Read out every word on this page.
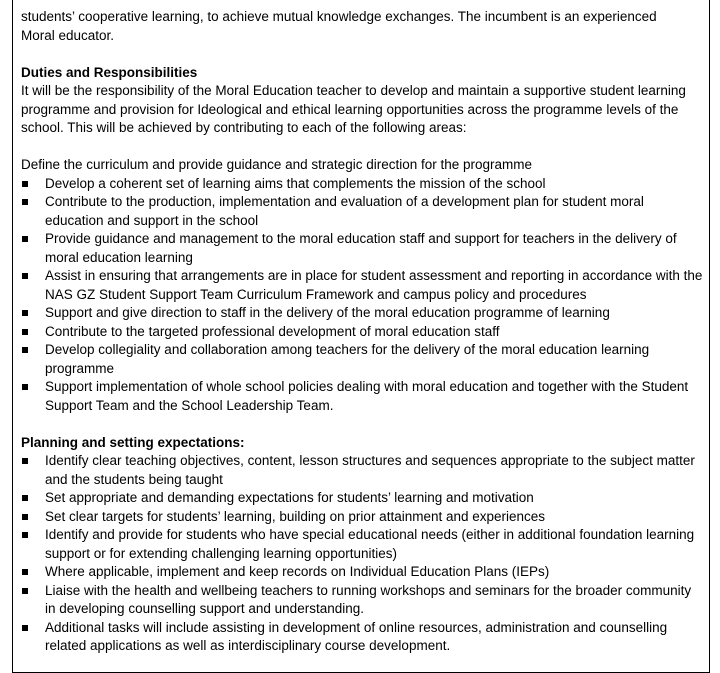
students’ cooperative learning, to achieve mutual knowledge exchanges. The incumbent is an experienced

Moral educator.

Duties and Responsibilities

It will be the responsibility of the Moral Education teacher to develop and maintain a supportive student learning programme and provision for Ideological and ethical learning opportunities across the programme levels of the school. This will be achieved by contributing to each of the following areas:

Define the curriculum and provide guidance and strategic direction for the programme

Develop a coherent set of learning aims that complements the mission of the school
Contribute to the production, implementation and evaluation of a development plan for student moral education and support in the school
Provide guidance and management to the moral education staff and support for teachers in the delivery of moral education learning
Assist in ensuring that arrangements are in place for student assessment and reporting in accordance with the NAS GZ Student Support Team Curriculum Framework and campus policy and procedures
Support and give direction to staff in the delivery of the moral education programme of learning
Contribute to the targeted professional development of moral education staff
Develop collegiality and collaboration among teachers for the delivery of the moral education learning programme
Support implementation of whole school policies dealing with moral education and together with the Student Support Team and the School Leadership Team.

Planning and setting expectations:

Identify clear teaching objectives, content, lesson structures and sequences appropriate to the subject matter and the students being taught
Set appropriate and demanding expectations for students’ learning and motivation
Set clear targets for students’ learning, building on prior attainment and experiences
Identify and provide for students who have special educational needs (either in additional foundation learning support or for extending challenging learning opportunities)
Where applicable, implement and keep records on Individual Education Plans (IEPs)
Liaise with the health and wellbeing teachers to running workshops and seminars for the broader community in developing counselling support and understanding.
Additional tasks will include assisting in development of online resources, administration and counselling related applications as well as interdisciplinary course development.
